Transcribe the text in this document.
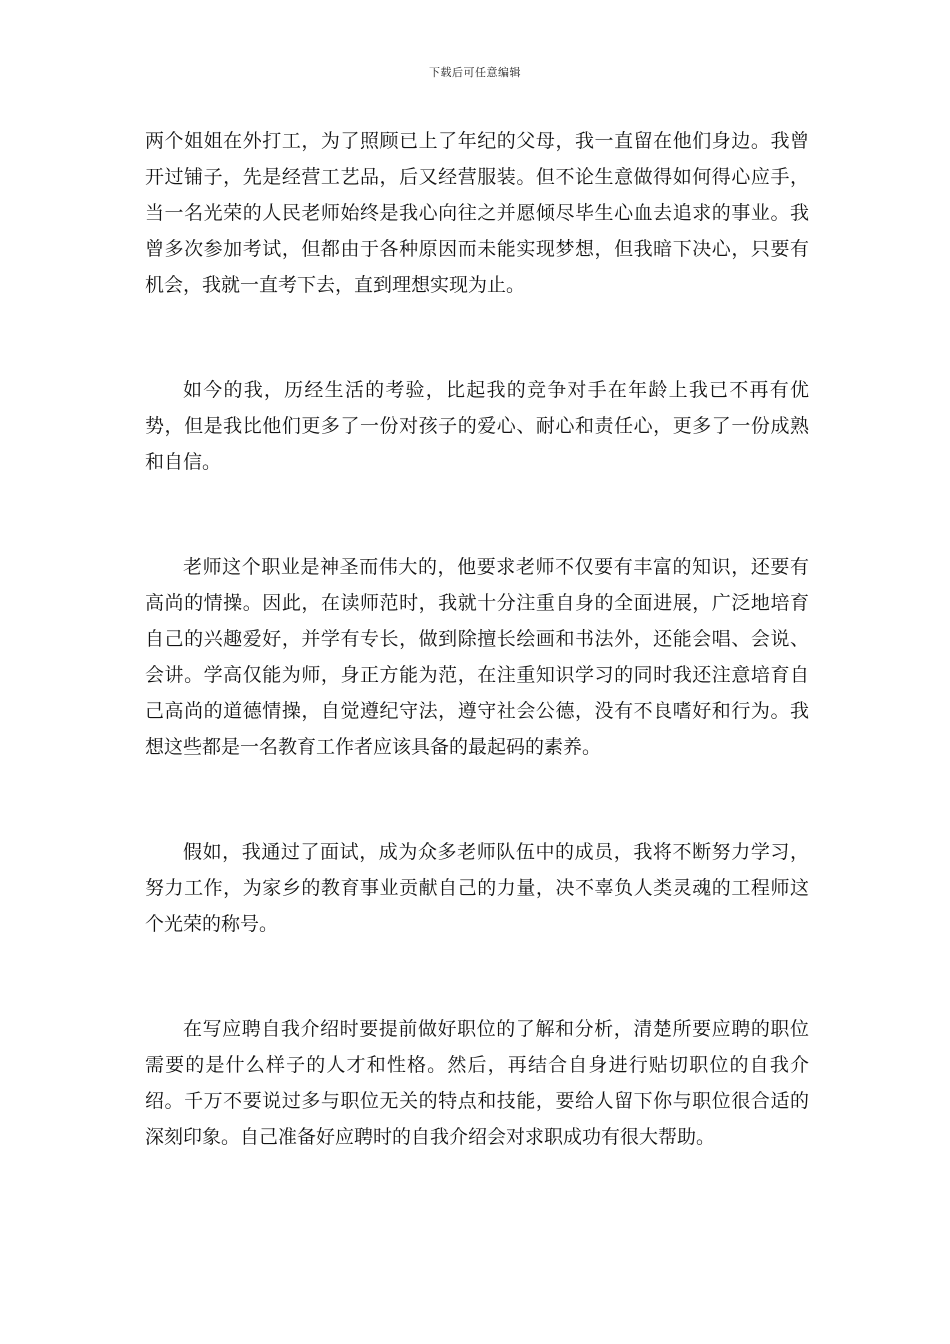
下载后可任意编辑

两个姐姐在外打工，为了照顾已上了年纪的父母，我一直留在他们身边。我曾开过铺子，先是经营工艺品，后又经营服装。但不论生意做得如何得心应手，当一名光荣的人民老师始终是我心向往之并愿倾尽毕生心血去追求的事业。我曾多次参加考试，但都由于各种原因而未能实现梦想，但我暗下决心，只要有机会，我就一直考下去，直到理想实现为止。

如今的我，历经生活的考验，比起我的竞争对手在年龄上我已不再有优势，但是我比他们更多了一份对孩子的爱心、耐心和责任心，更多了一份成熟和自信。

老师这个职业是神圣而伟大的，他要求老师不仅要有丰富的知识，还要有高尚的情操。因此，在读师范时，我就十分注重自身的全面进展，广泛地培育自己的兴趣爱好，并学有专长，做到除擅长绘画和书法外，还能会唱、会说、会讲。学高仅能为师，身正方能为范，在注重知识学习的同时我还注意培育自己高尚的道德情操，自觉遵纪守法，遵守社会公德，没有不良嗜好和行为。我想这些都是一名教育工作者应该具备的最起码的素养。

假如，我通过了面试，成为众多老师队伍中的成员，我将不断努力学习，努力工作，为家乡的教育事业贡献自己的力量，决不辜负人类灵魂的工程师这个光荣的称号。

在写应聘自我介绍时要提前做好职位的了解和分析，清楚所要应聘的职位需要的是什么样子的人才和性格。然后，再结合自身进行贴切职位的自我介绍。千万不要说过多与职位无关的特点和技能，要给人留下你与职位很合适的深刻印象。自己准备好应聘时的自我介绍会对求职成功有很大帮助。
